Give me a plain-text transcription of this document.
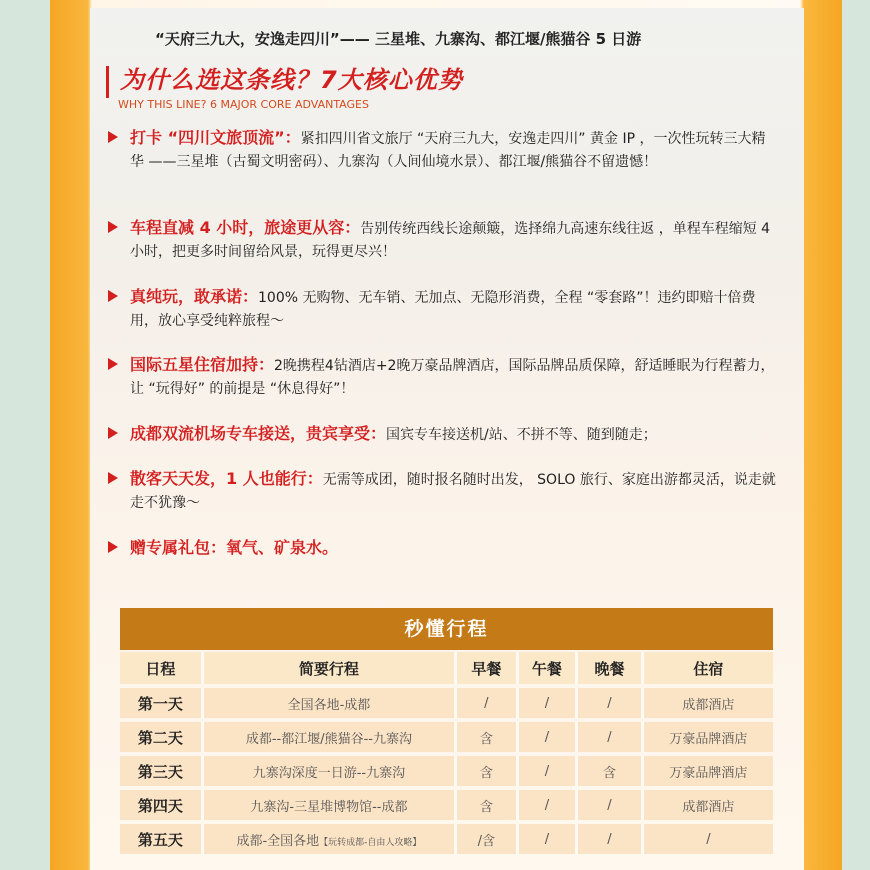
“天府三九大，安逸走四川”—— 三星堆、九寨沟、都江堰/熊猫谷 5 日游
为什么选这条线？7大核心优势
WHY THIS LINE? 6 MAJOR CORE ADVANTAGES
打卡 “四川文旅顶流”：紧扣四川省文旅厅 “天府三九大，安逸走四川” 黄金 IP ，一次性玩转三大精华 ——三星堆（古蜀文明密码）、九寨沟（人间仙境水景）、都江堰/熊猫谷不留遗憾！
车程直减 4 小时，旅途更从容：告别传统西线长途颠簸，选择绵九高速东线往返 ，单程车程缩短 4 小时，把更多时间留给风景，玩得更尽兴！
真纯玩，敢承诺：100% 无购物、无车销、无加点、无隐形消费，全程 “零套路”！违约即赔十倍费用，放心享受纯粹旅程～
国际五星住宿加持：2晚携程4钻酒店+2晚万豪品牌酒店，国际品牌品质保障，舒适睡眠为行程蓄力，让 “玩得好” 的前提是 “休息得好”！
成都双流机场专车接送，贵宾享受：国宾专车接送机/站、不拼不等、随到随走；
散客天天发，1 人也能行：无需等成团，随时报名随时出发， SOLO 旅行、家庭出游都灵活，说走就走不犹豫～
赠专属礼包：氧气、矿泉水。
秒懂行程
日程	简要行程	早餐	午餐	晚餐	住宿
第一天	全国各地-成都	/	/	/	成都酒店
第二天	成都--都江堰/熊猫谷--九寨沟	含	/	/	万豪品牌酒店
第三天	九寨沟深度一日游--九寨沟	含	/	含	万豪品牌酒店
第四天	九寨沟-三星堆博物馆--成都	含	/	/	成都酒店
第五天	成都-全国各地【玩转成都-自由人攻略】	/含	/	/	/
